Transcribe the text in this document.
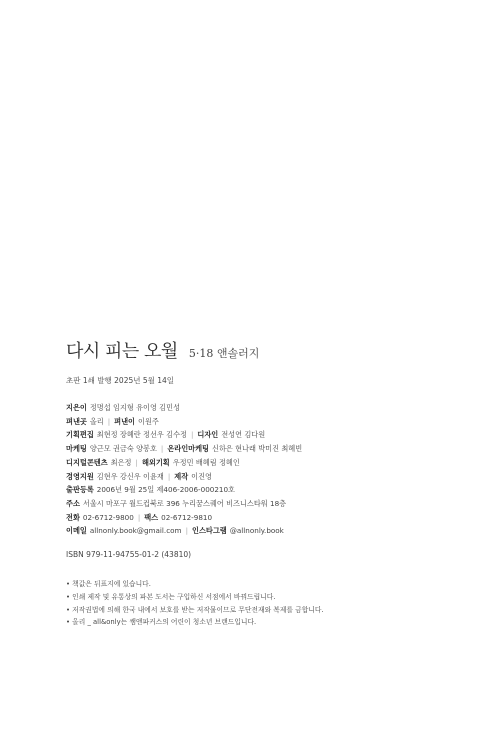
다시 피는 오월 5·18 앤솔러지
초판 1쇄 발행 2025년 5월 14일
지은이 정명섭 임지형 유이영 김민성
펴낸곳 올리 | 펴낸이 이원주
기획편집 최현정 장혜란 정선우 김수정 | 디자인 전성연 김다원
마케팅 양근모 권금숙 양봉호 | 온라인마케팅 신하은 현나래 박미진 최혜빈
디지털콘텐츠 최은정 | 해외기획 우정민 배혜림 정혜인
경영지원 김현우 강신우 이윤재 | 제작 이진영
출판등록 2006년 9월 25일 제406-2006-000210호
주소 서울시 마포구 월드컵북로 396 누리꿈스퀘어 비즈니스타워 18층
전화 02-6712-9800 | 팩스 02-6712-9810
이메일 allnonly.book@gmail.com | 인스타그램 @allnonly.book
ISBN 979-11-94755-01-2 (43810)
• 책값은 뒤표지에 있습니다.
• 인쇄 제작 및 유통상의 파본 도서는 구입하신 서점에서 바꿔드립니다.
• 저작권법에 의해 한국 내에서 보호를 받는 저작물이므로 무단전재와 복제를 금합니다.
• 올리 _ all&only는 쌤앤파커스의 어린이 청소년 브랜드입니다.
